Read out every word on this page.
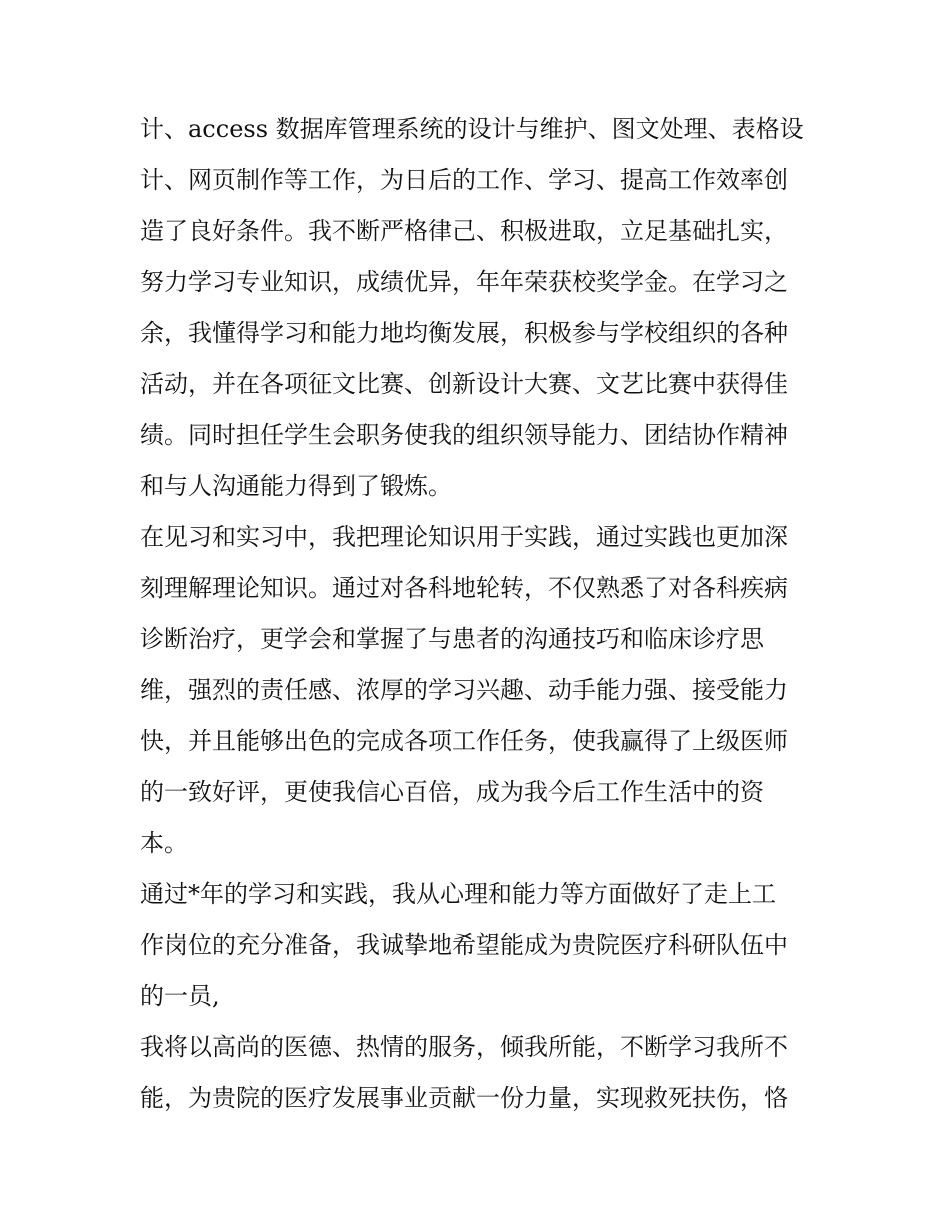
计、access 数据库管理系统的设计与维护、图文处理、表格设
计、网页制作等工作，为日后的工作、学习、提高工作效率创
造了良好条件。我不断严格律己、积极进取，立足基础扎实，
努力学习专业知识，成绩优异，年年荣获校奖学金。在学习之
余，我懂得学习和能力地均衡发展，积极参与学校组织的各种
活动，并在各项征文比赛、创新设计大赛、文艺比赛中获得佳
绩。同时担任学生会职务使我的组织领导能力、团结协作精神
和与人沟通能力得到了锻炼。
在见习和实习中，我把理论知识用于实践，通过实践也更加深
刻理解理论知识。通过对各科地轮转，不仅熟悉了对各科疾病
诊断治疗，更学会和掌握了与患者的沟通技巧和临床诊疗思
维，强烈的责任感、浓厚的学习兴趣、动手能力强、接受能力
快，并且能够出色的完成各项工作任务，使我赢得了上级医师
的一致好评，更使我信心百倍，成为我今后工作生活中的资
本。
通过*年的学习和实践，我从心理和能力等方面做好了走上工
作岗位的充分准备，我诚挚地希望能成为贵院医疗科研队伍中
的一员,
我将以高尚的医德、热情的服务，倾我所能，不断学习我所不
能，为贵院的医疗发展事业贡献一份力量，实现救死扶伤，恪
